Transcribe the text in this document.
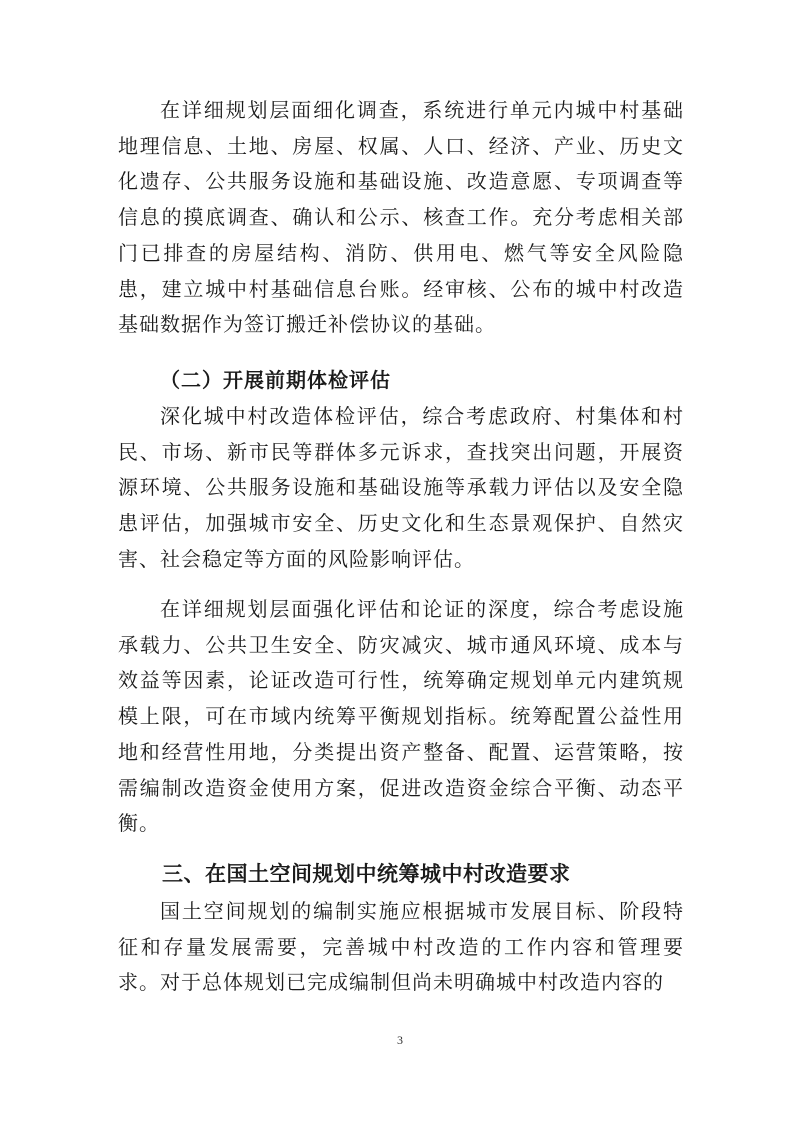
在详细规划层面细化调查，系统进行单元内城中村基础地理信息、土地、房屋、权属、人口、经济、产业、历史文化遗存、公共服务设施和基础设施、改造意愿、专项调查等信息的摸底调查、确认和公示、核查工作。充分考虑相关部门已排查的房屋结构、消防、供用电、燃气等安全风险隐患，建立城中村基础信息台账。经审核、公布的城中村改造基础数据作为签订搬迁补偿协议的基础。
（二）开展前期体检评估
深化城中村改造体检评估，综合考虑政府、村集体和村民、市场、新市民等群体多元诉求，查找突出问题，开展资源环境、公共服务设施和基础设施等承载力评估以及安全隐患评估，加强城市安全、历史文化和生态景观保护、自然灾害、社会稳定等方面的风险影响评估。
在详细规划层面强化评估和论证的深度，综合考虑设施承载力、公共卫生安全、防灾减灾、城市通风环境、成本与效益等因素，论证改造可行性，统筹确定规划单元内建筑规模上限，可在市域内统筹平衡规划指标。统筹配置公益性用地和经营性用地，分类提出资产整备、配置、运营策略，按需编制改造资金使用方案，促进改造资金综合平衡、动态平衡。
三、在国土空间规划中统筹城中村改造要求
国土空间规划的编制实施应根据城市发展目标、阶段特征和存量发展需要，完善城中村改造的工作内容和管理要求。对于总体规划已完成编制但尚未明确城中村改造内容的
3
